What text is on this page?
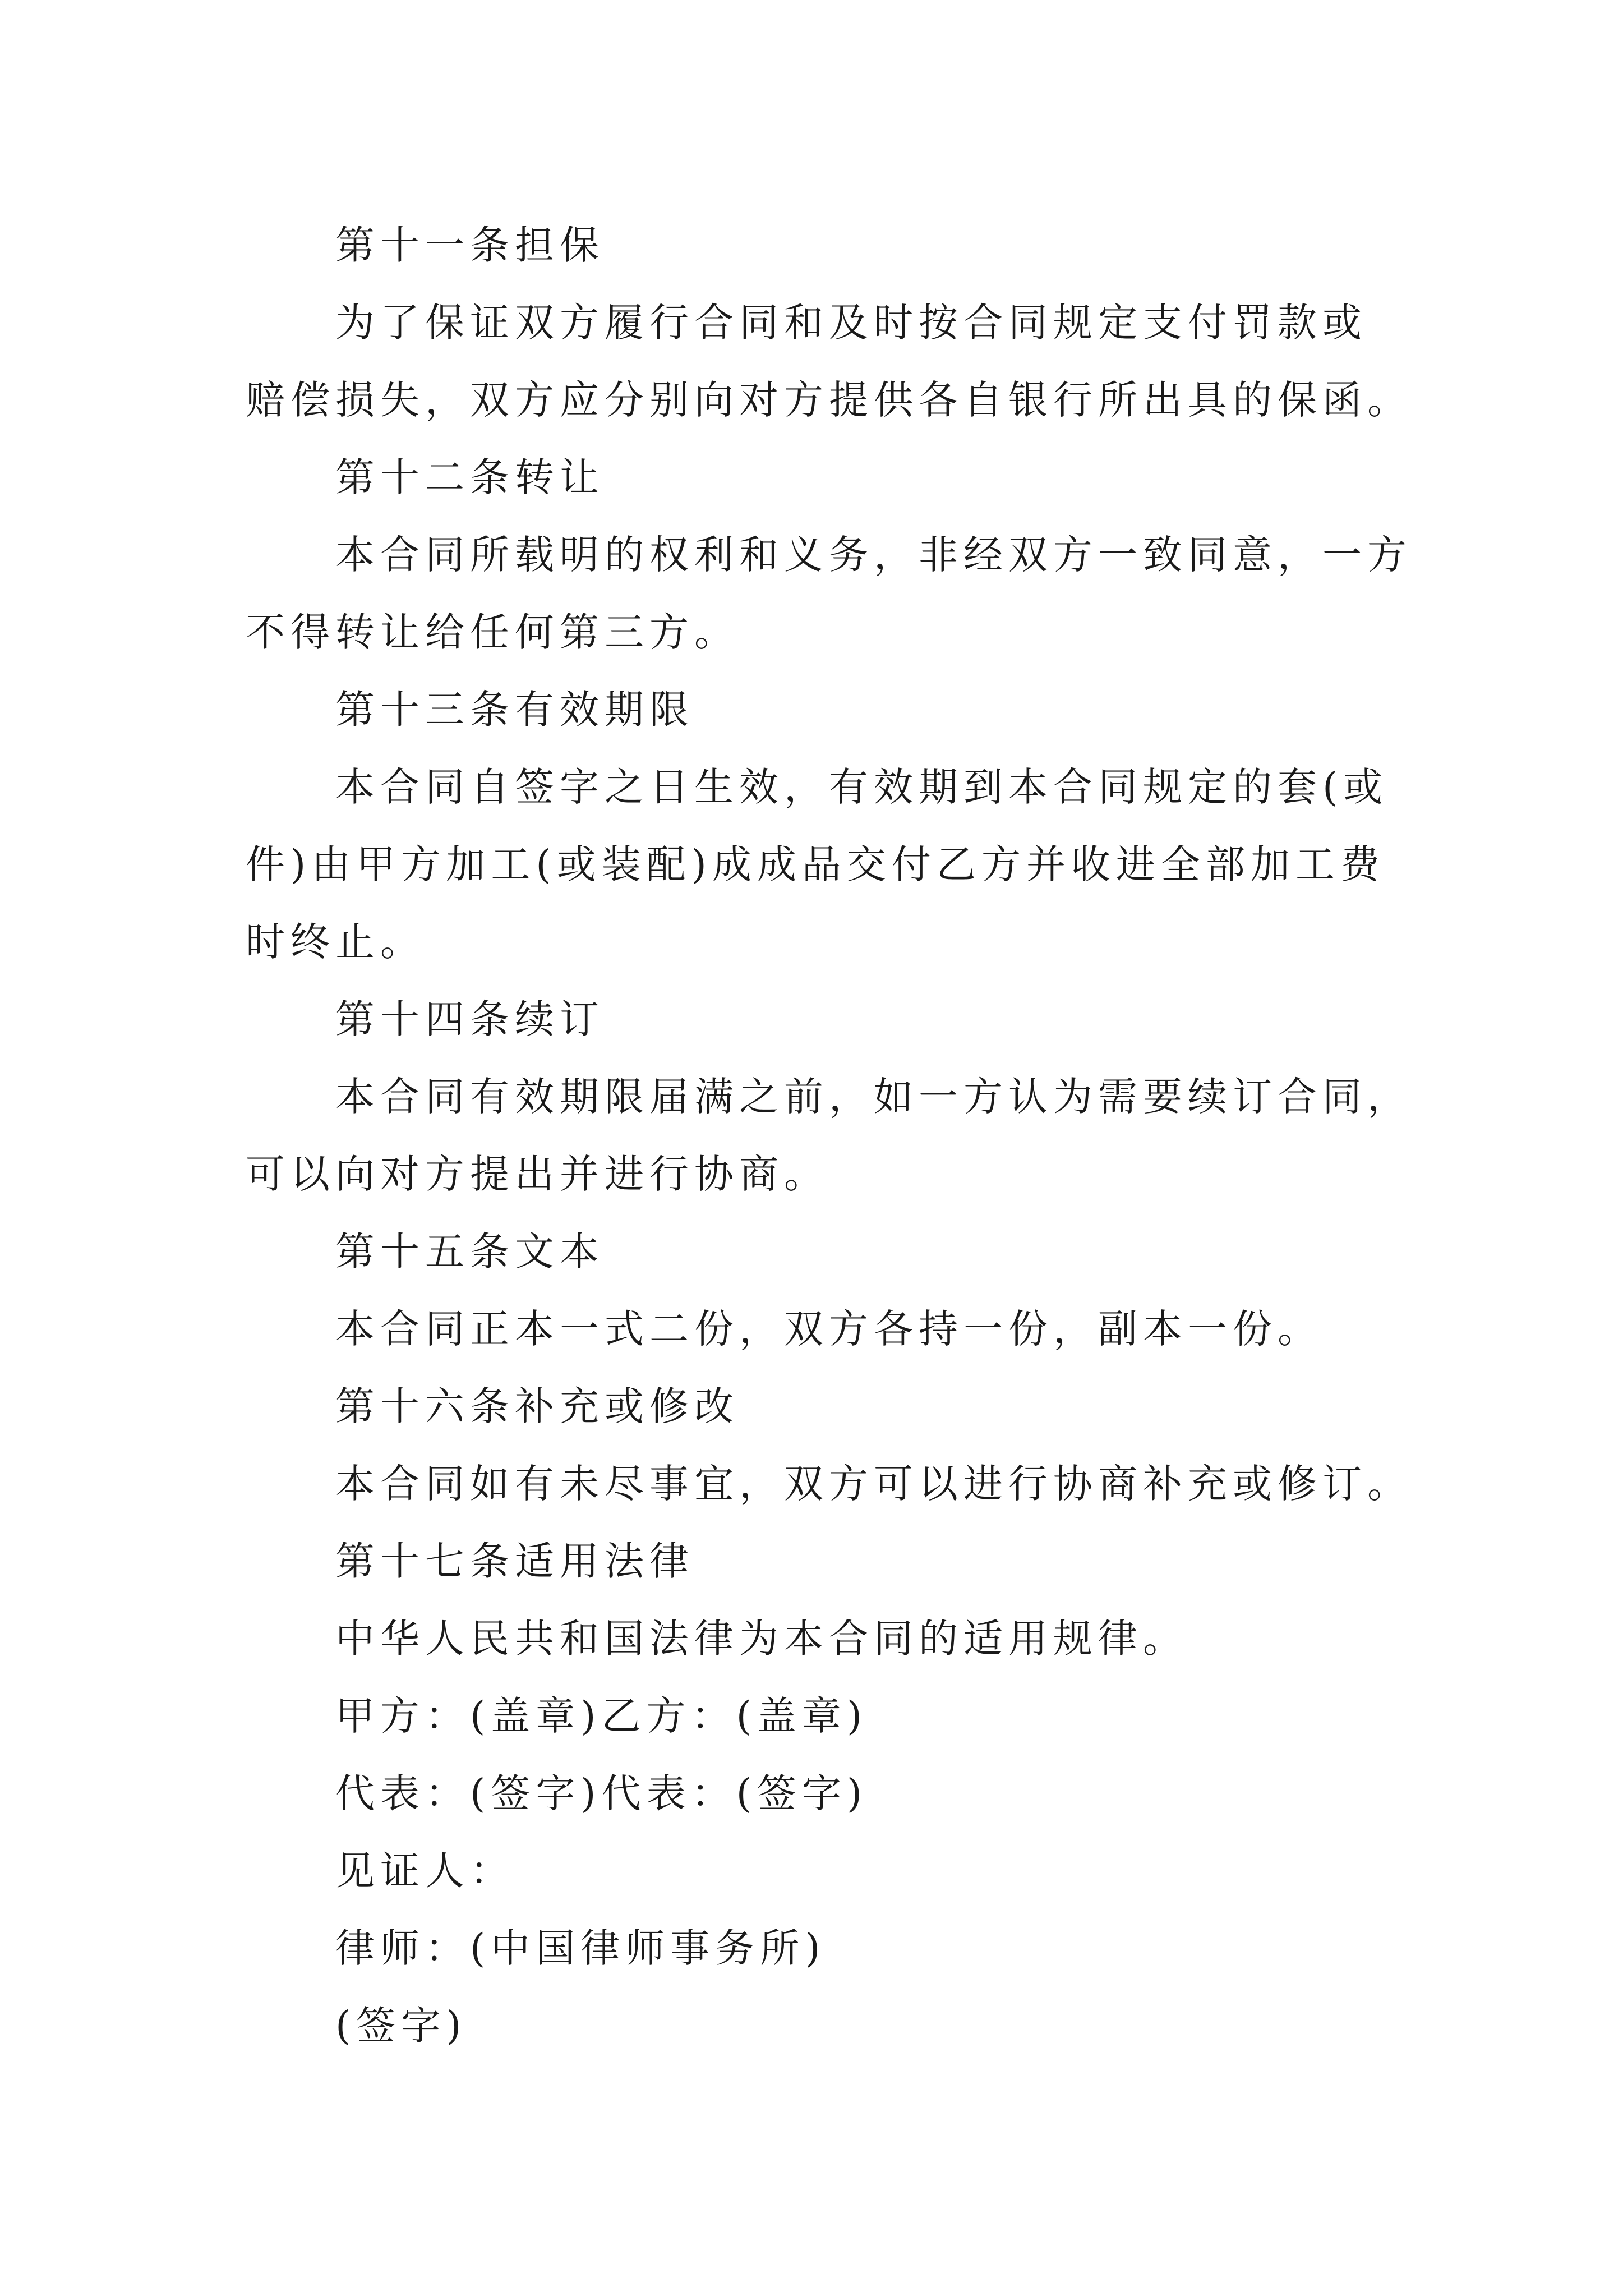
第十一条担保
为了保证双方履行合同和及时按合同规定支付罚款或
赔偿损失，双方应分别向对方提供各自银行所出具的保函。
第十二条转让
本合同所载明的权利和义务，非经双方一致同意，一方
不得转让给任何第三方。
第十三条有效期限
本合同自签字之日生效，有效期到本合同规定的套(或
件)由甲方加工(或装配)成成品交付乙方并收进全部加工费
时终止。
第十四条续订
本合同有效期限届满之前，如一方认为需要续订合同，
可以向对方提出并进行协商。
第十五条文本
本合同正本一式二份，双方各持一份，副本一份。
第十六条补充或修改
本合同如有未尽事宜，双方可以进行协商补充或修订。
第十七条适用法律
中华人民共和国法律为本合同的适用规律。
甲方：(盖章)乙方：(盖章)
代表：(签字)代表：(签字)
见证人：
律师：(中国律师事务所)
(签字)
